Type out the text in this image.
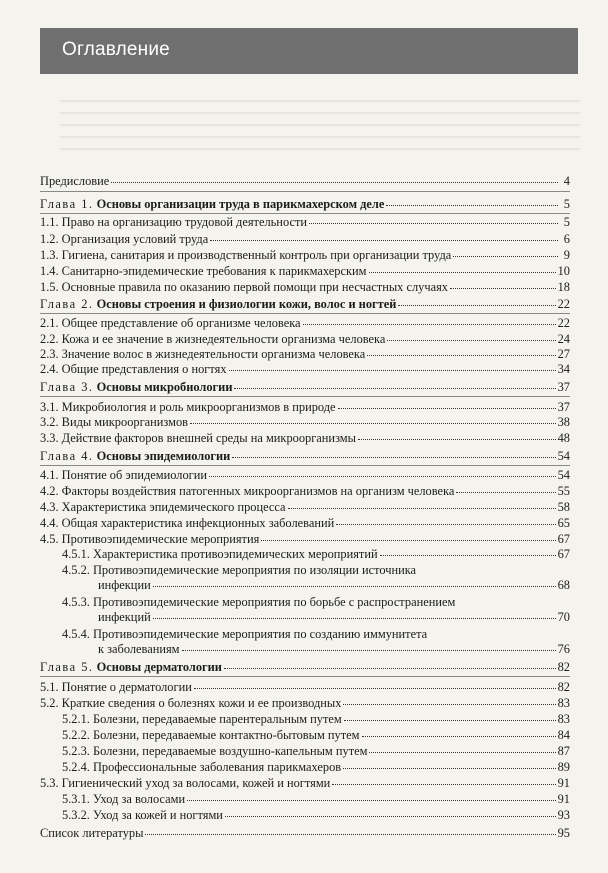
Оглавление
Предисловие	4
Глава 1. Основы организации труда в парикмахерском деле	5
1.1. Право на организацию трудовой деятельности	5
1.2. Организация условий труда	6
1.3. Гигиена, санитария и производственный контроль при организации труда	9
1.4. Санитарно-эпидемические требования к парикмахерским	10
1.5. Основные правила по оказанию первой помощи при несчастных случаях	18
Глава 2. Основы строения и физиологии кожи, волос и ногтей	22
2.1. Общее представление об организме человека	22
2.2. Кожа и ее значение в жизнедеятельности организма человека	24
2.3. Значение волос в жизнедеятельности организма человека	27
2.4. Общие представления о ногтях	34
Глава 3. Основы микробиологии	37
3.1. Микробиология и роль микроорганизмов в природе	37
3.2. Виды микроорганизмов	38
3.3. Действие факторов внешней среды на микроорганизмы	48
Глава 4. Основы эпидемиологии	54
4.1. Понятие об эпидемиологии	54
4.2. Факторы воздействия патогенных микроорганизмов на организм человека	55
4.3. Характеристика эпидемического процесса	58
4.4. Общая характеристика инфекционных заболеваний	65
4.5. Противоэпидемические мероприятия	67
4.5.1. Характеристика противоэпидемических мероприятий	67
4.5.2. Противоэпидемические мероприятия по изоляции источника
инфекции	68
4.5.3. Противоэпидемические мероприятия по борьбе с распространением
инфекций	70
4.5.4. Противоэпидемические мероприятия по созданию иммунитета
к заболеваниям	76
Глава 5. Основы дерматологии	82
5.1. Понятие о дерматологии	82
5.2. Краткие сведения о болезнях кожи и ее производных	83
5.2.1. Болезни, передаваемые парентеральным путем	83
5.2.2. Болезни, передаваемые контактно-бытовым путем	84
5.2.3. Болезни, передаваемые воздушно-капельным путем	87
5.2.4. Профессиональные заболевания парикмахеров	89
5.3. Гигиенический уход за волосами, кожей и ногтями	91
5.3.1. Уход за волосами	91
5.3.2. Уход за кожей и ногтями	93
Список литературы	95
